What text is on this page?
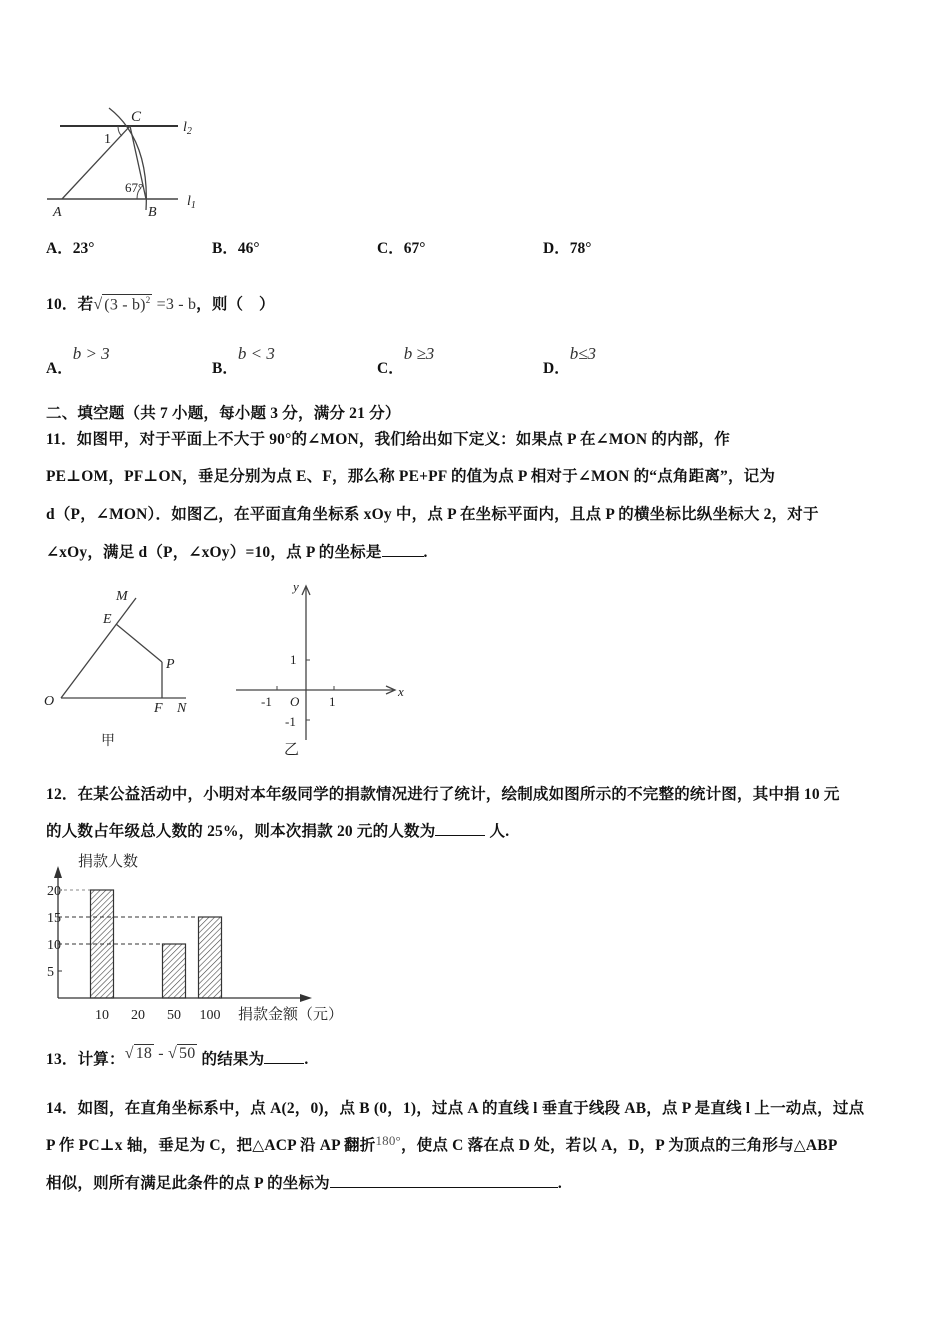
C
A	B
1
67°
$l_2$
$l_1$
A．23°	B．46°	C．67°	D．78°
10．若√ (3 - b)$^2$ =3 - b，则（　）
A．b > 3
B．b < 3
C．b ≥3
D．b≤3
二、填空题（共 7 小题，每小题 3 分，满分 21 分）
11．如图甲，对于平面上不大于 90°的∠MON，我们给出如下定义：如果点 P 在∠MON 的内部，作
PE⊥OM，PF⊥ON，垂足分别为点 E、F，那么称 PE+PF 的值为点 P 相对于∠MON 的“点角距离”，记为
d（P，∠MON）．如图乙，在平面直角坐标系 xOy 中，点 P 在坐标平面内，且点 P 的横坐标比纵坐标大 2，对于
∠xOy，满足 d（P，∠xOy）=10，点 P 的坐标是	.
M
E
P
O	F N
甲
y
x
1
-1 O 1
-1
乙
12．在某公益活动中，小明对本年级同学的捐款情况进行了统计，绘制成如图所示的不完整的统计图，其中捐 10 元
的人数占年级总人数的 25%，则本次捐款 20 元的人数为	人.
捐款人数
捐款金额（元）
5
10
15
20
10 20 50 100
13．计算：√ 18 - √ 50 的结果为	.
14．如图，在直角坐标系中，点 A(2，0)，点 B (0，1)，过点 A 的直线 l 垂直于线段 AB，点 P 是直线 l 上一动点，过点
P 作 PC⊥x 轴，垂足为 C，把△ACP 沿 AP 翻折$^{180^\circ}$，使点 C 落在点 D 处，若以 A，D，P 为顶点的三角形与△ABP
相似，则所有满足此条件的点 P 的坐标为	.
